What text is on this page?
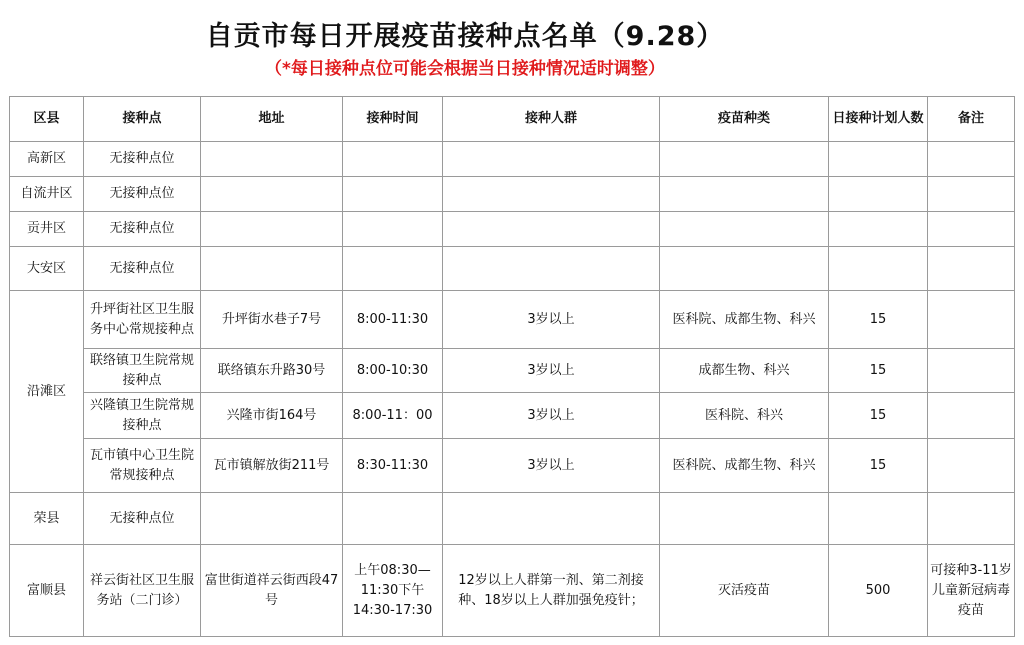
自贡市每日开展疫苗接种点名单（9.28）
（*每日接种点位可能会根据当日接种情况适时调整）
区县	接种点	地址	接种时间	接种人群	疫苗种类	日接种计划人数	备注
高新区	无接种点位						
自流井区	无接种点位						
贡井区	无接种点位						
大安区	无接种点位						
沿滩区	升坪街社区卫生服务中心常规接种点	升坪街水巷子7号	8:00-11:30	3岁以上	医科院、成都生物、科兴	15	
	联络镇卫生院常规接种点	联络镇东升路30号	8:00-10:30	3岁以上	成都生物、科兴	15	
	兴隆镇卫生院常规接种点	兴隆市街164号	8:00-11：00	3岁以上	医科院、科兴	15	
	瓦市镇中心卫生院常规接种点	瓦市镇解放街211号	8:30-11:30	3岁以上	医科院、成都生物、科兴	15	
荣县	无接种点位						
富顺县	祥云街社区卫生服务站（二门诊）	富世街道祥云街西段47号	上午08:30—11:30下午14:30-17:30	12岁以上人群第一剂、第二剂接种、18岁以上人群加强免疫针；	灭活疫苗	500	可接种3-11岁儿童新冠病毒疫苗
